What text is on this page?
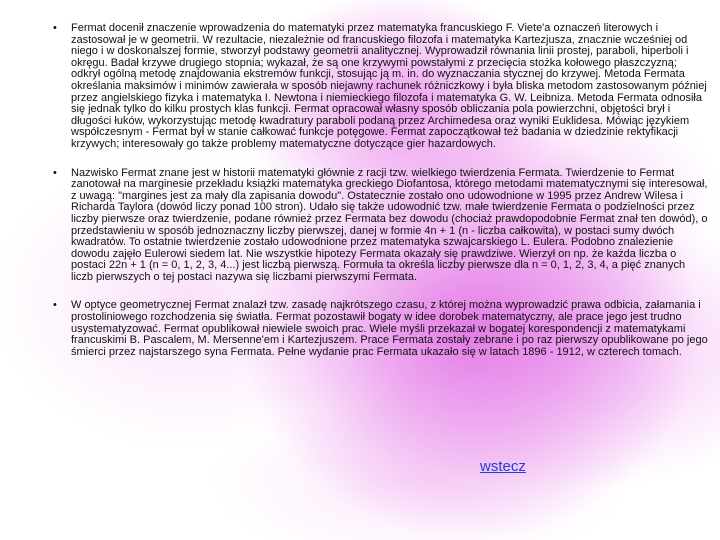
• Fermat docenił znaczenie wprowadzenia do matematyki przez matematyka francuskiego F. Viete'a oznaczeń literowych i zastosował je w geometrii. W rezultacie, niezależnie od francuskiego filozofa i matematyka Kartezjusza, znacznie wcześniej od niego i w doskonalszej formie, stworzył podstawy geometrii analitycznej. Wyprowadził równania linii prostej, paraboli, hiperboli i okręgu. Badał krzywe drugiego stopnia; wykazał, że są one krzywymi powstałymi z przecięcia stożka kołowego płaszczyzną; odkrył ogólną metodę znajdowania ekstremów funkcji, stosując ją m. in. do wyznaczania stycznej do krzywej. Metoda Fermata określania maksimów i minimów zawierała w sposób niejawny rachunek różniczkowy i była bliska metodom zastosowanym później przez angielskiego fizyka i matematyka I. Newtona i niemieckiego filozofa i matematyka G. W. Leibniza. Metoda Fermata odnosiła się jednak tylko do kilku prostych klas funkcji. Fermat opracował własny sposób obliczania pola powierzchni, objętości brył i długości łuków, wykorzystując metodę kwadratury paraboli podaną przez Archimedesa oraz wyniki Euklidesa. Mówiąc językiem współczesnym - Fermat był w stanie całkować funkcje potęgowe. Fermat zapoczątkował też badania w dziedzinie rektyfikacji krzywych; interesowały go także problemy matematyczne dotyczące gier hazardowych.
• Nazwisko Fermat znane jest w historii matematyki głównie z racji tzw. wielkiego twierdzenia Fermata. Twierdzenie to Fermat zanotował na marginesie przekładu książki matematyka greckiego Diofantosa, którego metodami matematycznymi się interesował, z uwagą: "margines jest za mały dla zapisania dowodu". Ostatecznie zostało ono udowodnione w 1995 przez Andrew Wilesa i Richarda Taylora (dowód liczy ponad 100 stron). Udało się także udowodnić tzw. małe twierdzenie Fermata o podzielności przez liczby pierwsze oraz twierdzenie, podane również przez Fermata bez dowodu (chociaż prawdopodobnie Fermat znał ten dowód), o przedstawieniu w sposób jednoznaczny liczby pierwszej, danej w formie 4n + 1 (n - liczba całkowita), w postaci sumy dwóch kwadratów. To ostatnie twierdzenie zostało udowodnione przez matematyka szwajcarskiego L. Eulera. Podobno znalezienie dowodu zajęło Eulerowi siedem lat. Nie wszystkie hipotezy Fermata okazały się prawdziwe. Wierzył on np. że każda liczba o postaci 22n + 1 (n = 0, 1, 2, 3, 4...) jest liczbą pierwszą. Formuła ta określa liczby pierwsze dla n = 0, 1, 2, 3, 4, a pięć znanych liczb pierwszych o tej postaci nazywa się liczbami pierwszymi Fermata.
• W optyce geometrycznej Fermat znalazł tzw. zasadę najkrótszego czasu, z której można wyprowadzić prawa odbicia, załamania i prostoliniowego rozchodzenia się światła. Fermat pozostawił bogaty w idee dorobek matematyczny, ale prace jego jest trudno usystematyzować. Fermat opublikował niewiele swoich prac. Wiele myśli przekazał w bogatej korespondencji z matematykami francuskimi B. Pascalem, M. Mersenne'em i Kartezjuszem. Prace Fermata zostały zebrane i po raz pierwszy opublikowane po jego śmierci przez najstarszego syna Fermata. Pełne wydanie prac Fermata ukazało się w latach 1896 - 1912, w czterech tomach.
wstecz
